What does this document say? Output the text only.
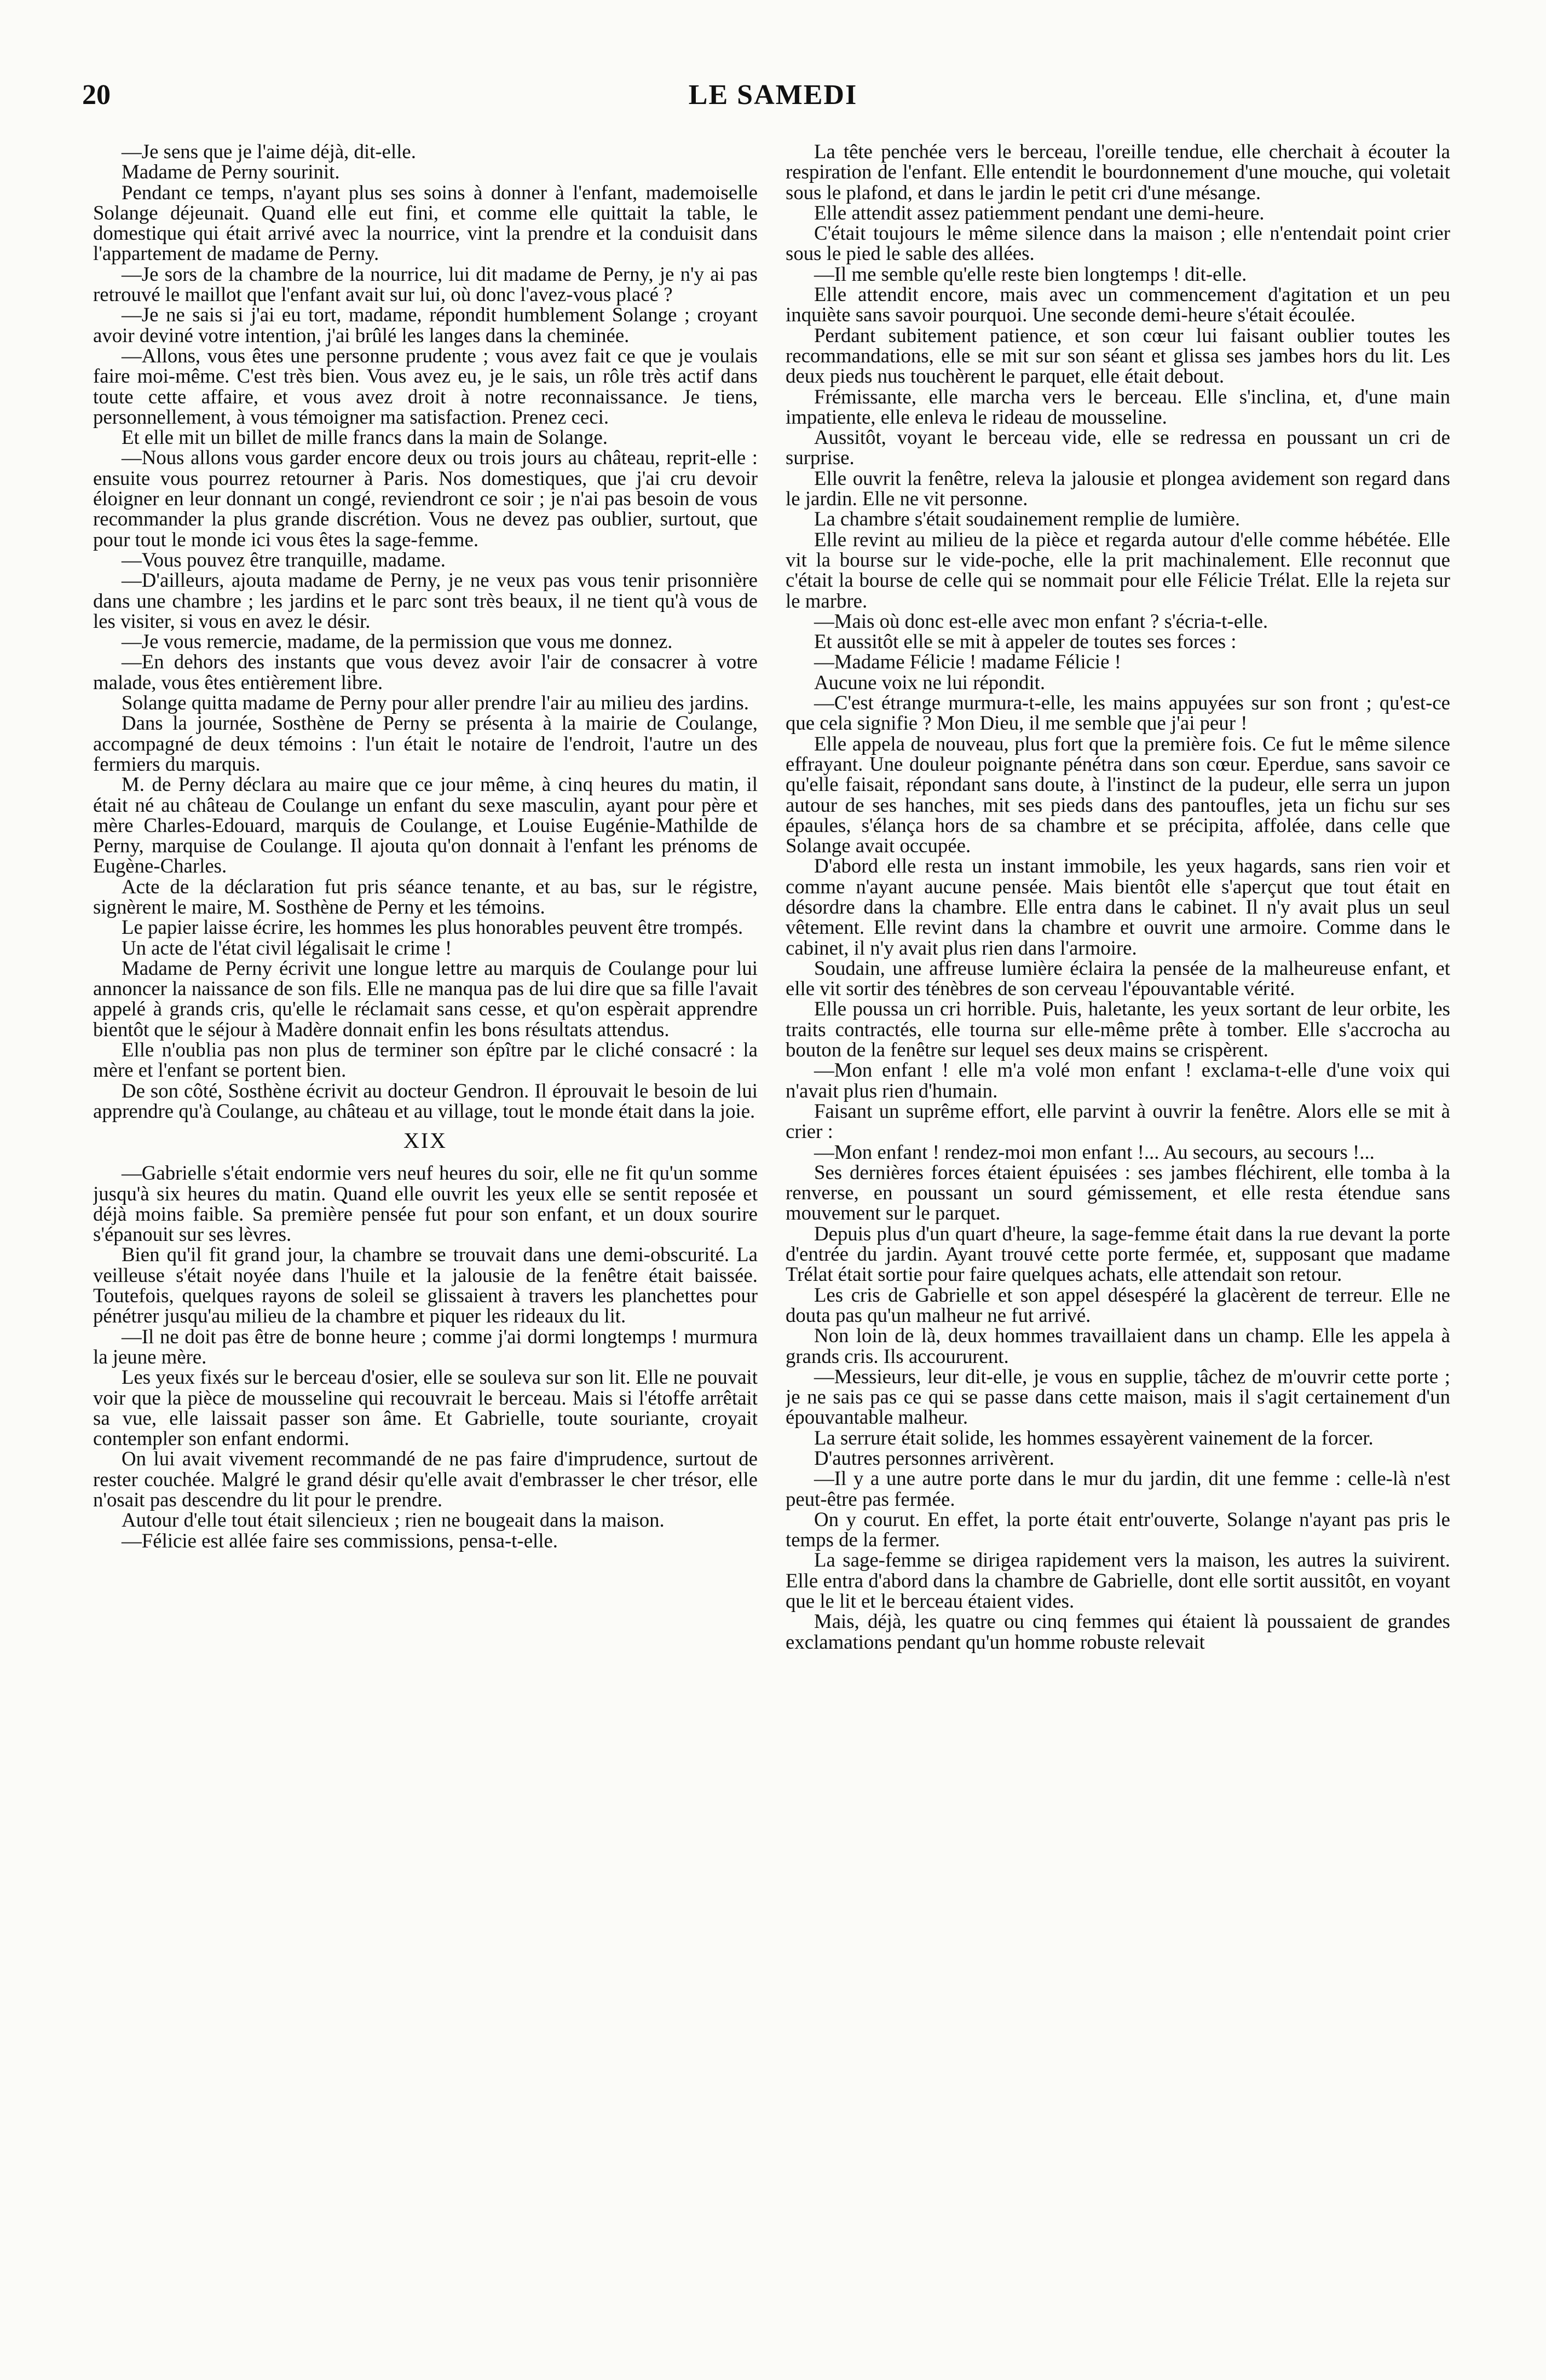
20	LE SAMEDI

—Je sens que je l'aime déjà, dit-elle.

Madame de Perny sourinit.

Pendant ce temps, n'ayant plus ses soins à donner à l'enfant, mademoiselle Solange déjeunait. Quand elle eut fini, et comme elle quittait la table, le domestique qui était arrivé avec la nourrice, vint la prendre et la conduisit dans l'appartement de madame de Perny.

—Je sors de la chambre de la nourrice, lui dit madame de Perny, je n'y ai pas retrouvé le maillot que l'enfant avait sur lui, où donc l'avez-vous placé ?

—Je ne sais si j'ai eu tort, madame, répondit humblement Solange ; croyant avoir deviné votre intention, j'ai brûlé les langes dans la cheminée.

—Allons, vous êtes une personne prudente ; vous avez fait ce que je voulais faire moi-même. C'est très bien. Vous avez eu, je le sais, un rôle très actif dans toute cette affaire, et vous avez droit à notre reconnaissance. Je tiens, personnellement, à vous témoigner ma satisfaction. Prenez ceci.

Et elle mit un billet de mille francs dans la main de Solange.

—Nous allons vous garder encore deux ou trois jours au château, reprit-elle : ensuite vous pourrez retourner à Paris. Nos domestiques, que j'ai cru devoir éloigner en leur donnant un congé, reviendront ce soir ; je n'ai pas besoin de vous recommander la plus grande discrétion. Vous ne devez pas oublier, surtout, que pour tout le monde ici vous êtes la sage-femme.

—Vous pouvez être tranquille, madame.

—D'ailleurs, ajouta madame de Perny, je ne veux pas vous tenir prisonnière dans une chambre ; les jardins et le parc sont très beaux, il ne tient qu'à vous de les visiter, si vous en avez le désir.

—Je vous remercie, madame, de la permission que vous me donnez.

—En dehors des instants que vous devez avoir l'air de consacrer à votre malade, vous êtes entièrement libre.

Solange quitta madame de Perny pour aller prendre l'air au milieu des jardins.

Dans la journée, Sosthène de Perny se présenta à la mairie de Coulange, accompagné de deux témoins : l'un était le notaire de l'endroit, l'autre un des fermiers du marquis.

M. de Perny déclara au maire que ce jour même, à cinq heures du matin, il était né au château de Coulange un enfant du sexe masculin, ayant pour père et mère Charles-Edouard, marquis de Coulange, et Louise Eugénie-Mathilde de Perny, marquise de Coulange. Il ajouta qu'on donnait à l'enfant les prénoms de Eugène-Charles.

Acte de la déclaration fut pris séance tenante, et au bas, sur le régistre, signèrent le maire, M. Sosthène de Perny et les témoins.

Le papier laisse écrire, les hommes les plus honorables peuvent être trompés.

Un acte de l'état civil légalisait le crime !

Madame de Perny écrivit une longue lettre au marquis de Coulange pour lui annoncer la naissance de son fils. Elle ne manqua pas de lui dire que sa fille l'avait appelé à grands cris, qu'elle le réclamait sans cesse, et qu'on espèrait apprendre bientôt que le séjour à Madère donnait enfin les bons résultats attendus.

Elle n'oublia pas non plus de terminer son épître par le cliché consacré : la mère et l'enfant se portent bien.

De son côté, Sosthène écrivit au docteur Gendron. Il éprouvait le besoin de lui apprendre qu'à Coulange, au château et au village, tout le monde était dans la joie.

XIX

—Gabrielle s'était endormie vers neuf heures du soir, elle ne fit qu'un somme jusqu'à six heures du matin. Quand elle ouvrit les yeux elle se sentit reposée et déjà moins faible. Sa première pensée fut pour son enfant, et un doux sourire s'épanouit sur ses lèvres.

Bien qu'il fit grand jour, la chambre se trouvait dans une demi-obscurité. La veilleuse s'était noyée dans l'huile et la jalousie de la fenêtre était baissée. Toutefois, quelques rayons de soleil se glissaient à travers les planchettes pour pénétrer jusqu'au milieu de la chambre et piquer les rideaux du lit.

—Il ne doit pas être de bonne heure ; comme j'ai dormi longtemps ! murmura la jeune mère.

Les yeux fixés sur le berceau d'osier, elle se souleva sur son lit. Elle ne pouvait voir que la pièce de mousseline qui recouvrait le berceau. Mais si l'étoffe arrêtait sa vue, elle laissait passer son âme. Et Gabrielle, toute souriante, croyait contempler son enfant endormi.

On lui avait vivement recommandé de ne pas faire d'imprudence, surtout de rester couchée. Malgré le grand désir qu'elle avait d'embrasser le cher trésor, elle n'osait pas descendre du lit pour le prendre.

Autour d'elle tout était silencieux ; rien ne bougeait dans la maison.

—Félicie est allée faire ses commissions, pensa-t-elle.

La tête penchée vers le berceau, l'oreille tendue, elle cherchait à écouter la respiration de l'enfant. Elle entendit le bourdonnement d'une mouche, qui voletait sous le plafond, et dans le jardin le petit cri d'une mésange.

Elle attendit assez patiemment pendant une demi-heure.

C'était toujours le même silence dans la maison ; elle n'entendait point crier sous le pied le sable des allées.

—Il me semble qu'elle reste bien longtemps ! dit-elle.

Elle attendit encore, mais avec un commencement d'agitation et un peu inquiète sans savoir pourquoi. Une seconde demi-heure s'était écoulée.

Perdant subitement patience, et son cœur lui faisant oublier toutes les recommandations, elle se mit sur son séant et glissa ses jambes hors du lit. Les deux pieds nus touchèrent le parquet, elle était debout.

Frémissante, elle marcha vers le berceau. Elle s'inclina, et, d'une main impatiente, elle enleva le rideau de mousseline.

Aussitôt, voyant le berceau vide, elle se redressa en poussant un cri de surprise.

Elle ouvrit la fenêtre, releva la jalousie et plongea avidement son regard dans le jardin. Elle ne vit personne.

La chambre s'était soudainement remplie de lumière.

Elle revint au milieu de la pièce et regarda autour d'elle comme hébétée. Elle vit la bourse sur le vide-poche, elle la prit machinalement. Elle reconnut que c'était la bourse de celle qui se nommait pour elle Félicie Trélat. Elle la rejeta sur le marbre.

—Mais où donc est-elle avec mon enfant ? s'écria-t-elle.

Et aussitôt elle se mit à appeler de toutes ses forces :

—Madame Félicie ! madame Félicie !

Aucune voix ne lui répondit.

—C'est étrange murmura-t-elle, les mains appuyées sur son front ; qu'est-ce que cela signifie ? Mon Dieu, il me semble que j'ai peur !

Elle appela de nouveau, plus fort que la première fois. Ce fut le même silence effrayant. Une douleur poignante pénétra dans son cœur. Eperdue, sans savoir ce qu'elle faisait, répondant sans doute, à l'instinct de la pudeur, elle serra un jupon autour de ses hanches, mit ses pieds dans des pantoufles, jeta un fichu sur ses épaules, s'élança hors de sa chambre et se précipita, affolée, dans celle que Solange avait occupée.

D'abord elle resta un instant immobile, les yeux hagards, sans rien voir et comme n'ayant aucune pensée. Mais bientôt elle s'aperçut que tout était en désordre dans la chambre. Elle entra dans le cabinet. Il n'y avait plus un seul vêtement. Elle revint dans la chambre et ouvrit une armoire. Comme dans le cabinet, il n'y avait plus rien dans l'armoire.

Soudain, une affreuse lumière éclaira la pensée de la malheureuse enfant, et elle vit sortir des ténèbres de son cerveau l'épouvantable vérité.

Elle poussa un cri horrible. Puis, haletante, les yeux sortant de leur orbite, les traits contractés, elle tourna sur elle-même prête à tomber. Elle s'accrocha au bouton de la fenêtre sur lequel ses deux mains se crispèrent.

—Mon enfant ! elle m'a volé mon enfant ! exclama-t-elle d'une voix qui n'avait plus rien d'humain.

Faisant un suprême effort, elle parvint à ouvrir la fenêtre. Alors elle se mit à crier :

—Mon enfant ! rendez-moi mon enfant !... Au secours, au secours !...

Ses dernières forces étaient épuisées : ses jambes fléchirent, elle tomba à la renverse, en poussant un sourd gémissement, et elle resta étendue sans mouvement sur le parquet.

Depuis plus d'un quart d'heure, la sage-femme était dans la rue devant la porte d'entrée du jardin. Ayant trouvé cette porte fermée, et, supposant que madame Trélat était sortie pour faire quelques achats, elle attendait son retour.

Les cris de Gabrielle et son appel désespéré la glacèrent de terreur. Elle ne douta pas qu'un malheur ne fut arrivé.

Non loin de là, deux hommes travaillaient dans un champ. Elle les appela à grands cris. Ils accoururent.

—Messieurs, leur dit-elle, je vous en supplie, tâchez de m'ouvrir cette porte ; je ne sais pas ce qui se passe dans cette maison, mais il s'agit certainement d'un épouvantable malheur.

La serrure était solide, les hommes essayèrent vainement de la forcer.

D'autres personnes arrivèrent.

—Il y a une autre porte dans le mur du jardin, dit une femme : celle-là n'est peut-être pas fermée.

On y courut. En effet, la porte était entr'ouverte, Solange n'ayant pas pris le temps de la fermer.

La sage-femme se dirigea rapidement vers la maison, les autres la suivirent. Elle entra d'abord dans la chambre de Gabrielle, dont elle sortit aussitôt, en voyant que le lit et le berceau étaient vides.

Mais, déjà, les quatre ou cinq femmes qui étaient là poussaient de grandes exclamations pendant qu'un homme robuste relevait
